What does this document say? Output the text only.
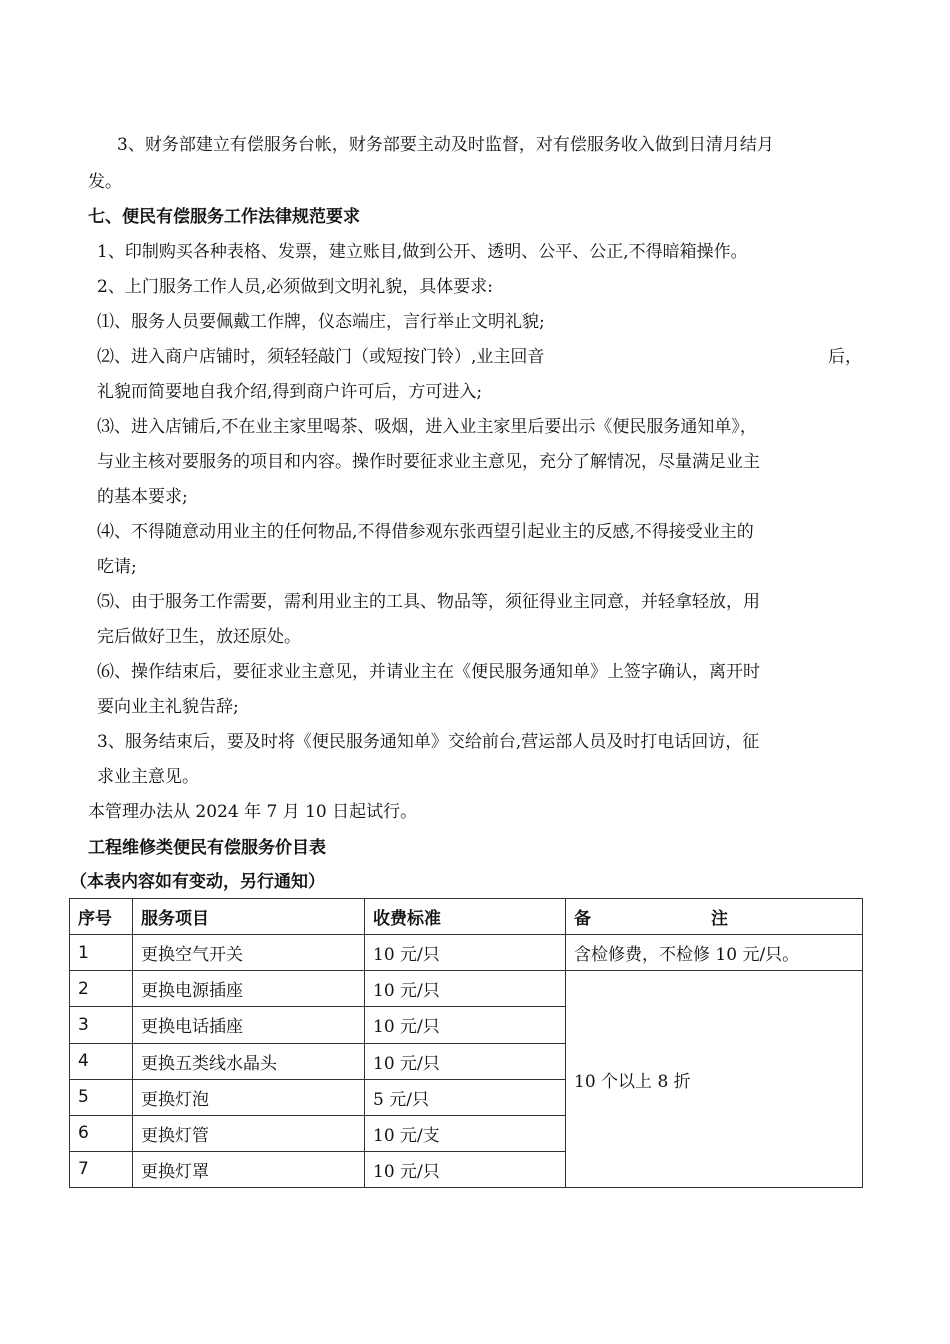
3、财务部建立有偿服务台帐，财务部要主动及时监督，对有偿服务收入做到日清月结月
发。
七、便民有偿服务工作法律规范要求
1、印制购买各种表格、发票，建立账目,做到公开、透明、公平、公正,不得暗箱操作。
2、上门服务工作人员,必须做到文明礼貌，具体要求:
⑴、服务人员要佩戴工作牌，仪态端庄，言行举止文明礼貌;
⑵、进入商户店铺时，须轻轻敲门（或短按门铃）,业主回音	后，
礼貌而简要地自我介绍,得到商户许可后，方可进入;
⑶、进入店铺后,不在业主家里喝茶、吸烟，进入业主家里后要出示《便民服务通知单》，
与业主核对要服务的项目和内容。操作时要征求业主意见，充分了解情况，尽量满足业主
的基本要求;
⑷、不得随意动用业主的任何物品,不得借参观东张西望引起业主的反感,不得接受业主的
吃请;
⑸、由于服务工作需要，需利用业主的工具、物品等，须征得业主同意，并轻拿轻放，用
完后做好卫生，放还原处。
⑹、操作结束后，要征求业主意见，并请业主在《便民服务通知单》上签字确认，离开时
要向业主礼貌告辞;
3、服务结束后，要及时将《便民服务通知单》交给前台,营运部人员及时打电话回访，征
求业主意见。
本管理办法从 2024 年 7 月 10 日起试行。
工程维修类便民有偿服务价目表
（本表内容如有变动，另行通知）
序号	服务项目	收费标准	备 注
1	更换空气开关	10 元/只	含检修费，不检修 10 元/只。
2	更换电源插座	10 元/只	10 个以上 8 折
3	更换电话插座	10 元/只	
4	更换五类线水晶头	10 元/只	
5	更换灯泡	5 元/只	
6	更换灯管	10 元/支	
7	更换灯罩	10 元/只	
